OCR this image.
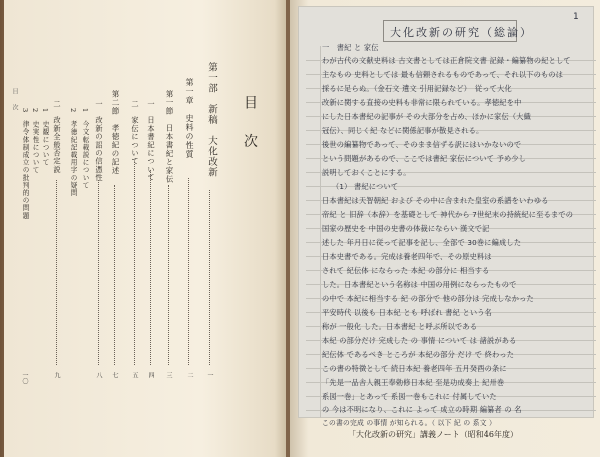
目 次
目
次	第一部　新稿　大化改新
第一章　史料の性質
第一節　日本書紀と家伝
一　日本書紀について
二　家伝について
第二節　孝徳紀の記述
一　改新の詔の信憑性
1　今文転載説について
2　孝徳紀記載用字の疑問
二　改新全般否定説
1　史観について
2　史実性について
3　律令体制成立の批判的の問題
一
二
三
四
五
七
八
九
一〇
大化改新の研究（総論）
1
一　書紀 と 家伝
わが古代の文献史料は 古文書としては正倉院文書 記録・編纂物の紀として
主なもの 史料としては 最も信頼されるものであって、それ以下のものは
採るに足らぬ。（金石文 遺文 引用記録など）　従って大化
改新に関する直接の史料も非常に限られている。孝徳紀を中
にした日本書紀の記事が その大部分を占め、ほかに家伝（大織
冠伝）、同じく紀 などに関係記事が散見される。
後世の編纂物であって、そのまま信ずる訳にはいかないので
という問題があるので、ここでは書紀 家伝について 予め少し
説明しておくことにする。
（1） 書紀について
日本書紀は天智朝紀 および その中に含まれた皇室の系譜をいわゆる
帝紀 と 旧辞（本辞）を基礎として 神代から 7世紀末の持統紀に至るまでの
国家の歴史を 中国の史書の体裁にならい 漢文で記
述した 年月日に従って記事を記し、全部で 30巻に編成した
日本史書である。完成は養老四年で、その原史料は
されて 紀伝体 にならった 本紀 の部分に 相当する
した。日本書紀という名称は 中国の用例にならったもので
の中で 本紀に相当する 紀 の部分で 他の部分は 完成しなかった
平安時代 以後も 日本紀 とも 呼ばれ 書紀 という名
称が 一般化 した。日本書紀 と呼ぶ所以である
本紀 の部分だけ 完成した の 事情 について は 諸説がある
紀伝体 であるべき ところが 本紀の部分 だけ で 終わった
この書の特徴として 続日本紀 養老四年 五月癸酉の条に
「先是一品舎人親王奉勅修日本紀 至是功成奏上 紀卅巻
系図一巻」とあって 系図一巻もこれに 付属していた
の 今は不明になり、これに よって 成立の時期 編纂者 の 名
この書の完成 の事情 が知られる。（ 以下 紀 の 系文 ）
「大化改新の研究」講義ノート（昭和46年度）
